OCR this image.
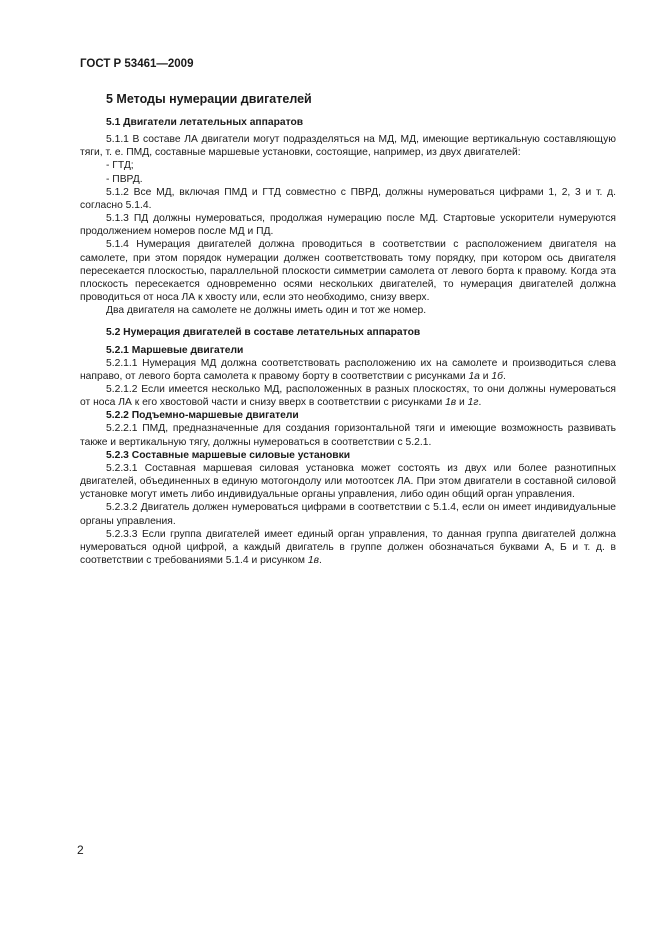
ГОСТ Р 53461—2009
5 Методы нумерации двигателей
5.1 Двигатели летательных аппаратов

5.1.1 В составе ЛА двигатели могут подразделяться на МД, МД, имеющие вертикальную составляющую тяги, т. е. ПМД, составные маршевые установки, состоящие, например, из двух двигателей:

- ГТД;

- ПВРД.

5.1.2 Все МД, включая ПМД и ГТД совместно с ПВРД, должны нумероваться цифрами 1, 2, 3 и т. д. согласно 5.1.4.

5.1.3 ПД должны нумероваться, продолжая нумерацию после МД. Стартовые ускорители нумеруются продолжением номеров после МД и ПД.

5.1.4 Нумерация двигателей должна проводиться в соответствии с расположением двигателя на самолете, при этом порядок нумерации должен соответствовать тому порядку, при котором ось двигателя пересекается плоскостью, параллельной плоскости симметрии самолета от левого борта к правому. Когда эта плоскость пересекается одновременно осями нескольких двигателей, то нумерация двигателей должна проводиться от носа ЛА к хвосту или, если это необходимо, снизу вверх.

Два двигателя на самолете не должны иметь один и тот же номер.

5.2 Нумерация двигателей в составе летательных аппаратов
5.2.1 Маршевые двигатели

5.2.1.1 Нумерация МД должна соответствовать расположению их на самолете и производиться слева направо, от левого борта самолета к правому борту в соответствии с рисунками 1а и 1б.

5.2.1.2 Если имеется несколько МД, расположенных в разных плоскостях, то они должны нумероваться от носа ЛА к его хвостовой части и снизу вверх в соответствии с рисунками 1в и 1г.

5.2.2 Подъемно-маршевые двигатели

5.2.2.1 ПМД, предназначенные для создания горизонтальной тяги и имеющие возможность развивать также и вертикальную тягу, должны нумероваться в соответствии с 5.2.1.

5.2.3 Составные маршевые силовые установки

5.2.3.1 Составная маршевая силовая установка может состоять из двух или более разнотипных двигателей, объединенных в единую мотогондолу или мотоотсек ЛА. При этом двигатели в составной силовой установке могут иметь либо индивидуальные органы управления, либо один общий орган управления.

5.2.3.2 Двигатель должен нумероваться цифрами в соответствии с 5.1.4, если он имеет индивидуальные органы управления.

5.2.3.3 Если группа двигателей имеет единый орган управления, то данная группа двигателей должна нумероваться одной цифрой, а каждый двигатель в группе должен обозначаться буквами А, Б и т. д. в соответствии с требованиями 5.1.4 и рисунком 1в.

2
